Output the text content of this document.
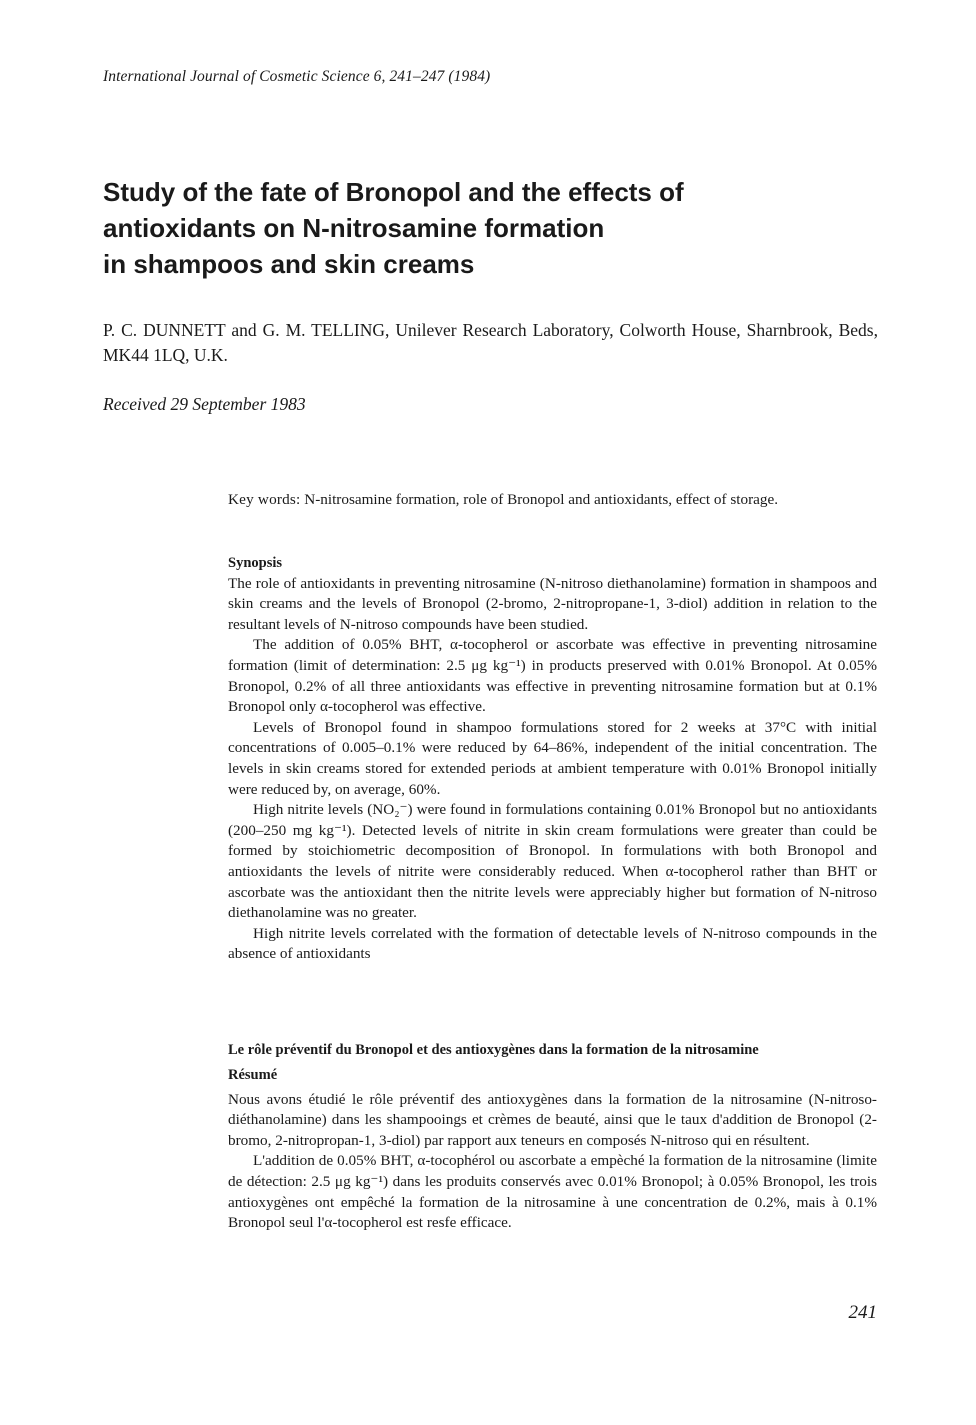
International Journal of Cosmetic Science 6, 241–247 (1984)
Study of the fate of Bronopol and the effects of
antioxidants on N-nitrosamine formation
in shampoos and skin creams
P. C. DUNNETT and G. M. TELLING, Unilever Research Laboratory, Colworth House, Sharnbrook, Beds, MK44 1LQ, U.K.
Received 29 September 1983
Key words: N-nitrosamine formation, role of Bronopol and antioxidants, effect of storage.

Synopsis

The role of antioxidants in preventing nitrosamine (N-nitroso diethanolamine) formation in shampoos and skin creams and the levels of Bronopol (2-bromo, 2-nitropropane-1, 3-diol) addition in relation to the resultant levels of N-nitroso compounds have been studied.

The addition of 0.05% BHT, α-tocopherol or ascorbate was effective in preventing nitrosamine formation (limit of determination: 2.5 μg kg⁻¹) in products preserved with 0.01% Bronopol. At 0.05% Bronopol, 0.2% of all three antioxidants was effective in preventing nitrosamine formation but at 0.1% Bronopol only α-tocopherol was effective.

Levels of Bronopol found in shampoo formulations stored for 2 weeks at 37°C with initial concentrations of 0.005–0.1% were reduced by 64–86%, independent of the initial concentration. The levels in skin creams stored for extended periods at ambient temperature with 0.01% Bronopol initially were reduced by, on average, 60%.

High nitrite levels (NO₂⁻) were found in formulations containing 0.01% Bronopol but no antioxidants (200–250 mg kg⁻¹). Detected levels of nitrite in skin cream formulations were greater than could be formed by stoichiometric decomposition of Bronopol. In formulations with both Bronopol and antioxidants the levels of nitrite were considerably reduced. When α-tocopherol rather than BHT or ascorbate was the antioxidant then the nitrite levels were appreciably higher but formation of N-nitroso diethanolamine was no greater.

High nitrite levels correlated with the formation of detectable levels of N-nitroso compounds in the absence of antioxidants

Le rôle préventif du Bronopol et des antioxygènes dans la formation de la nitrosamine

Résumé

Nous avons étudié le rôle préventif des antioxygènes dans la formation de la nitrosamine (N-nitroso-diéthanolamine) dans les shampooings et crèmes de beauté, ainsi que le taux d'addition de Bronopol (2-bromo, 2-nitropropan-1, 3-diol) par rapport aux teneurs en composés N-nitroso qui en résultent.

L'addition de 0.05% BHT, α-tocophérol ou ascorbate a empèché la formation de la nitrosamine (limite de détection: 2.5 μg kg⁻¹) dans les produits conservés avec 0.01% Bronopol; à 0.05% Bronopol, les trois antioxygènes ont empêché la formation de la nitrosamine à une concentration de 0.2%, mais à 0.1% Bronopol seul l'α-tocopherol est resfe efficace.

241
